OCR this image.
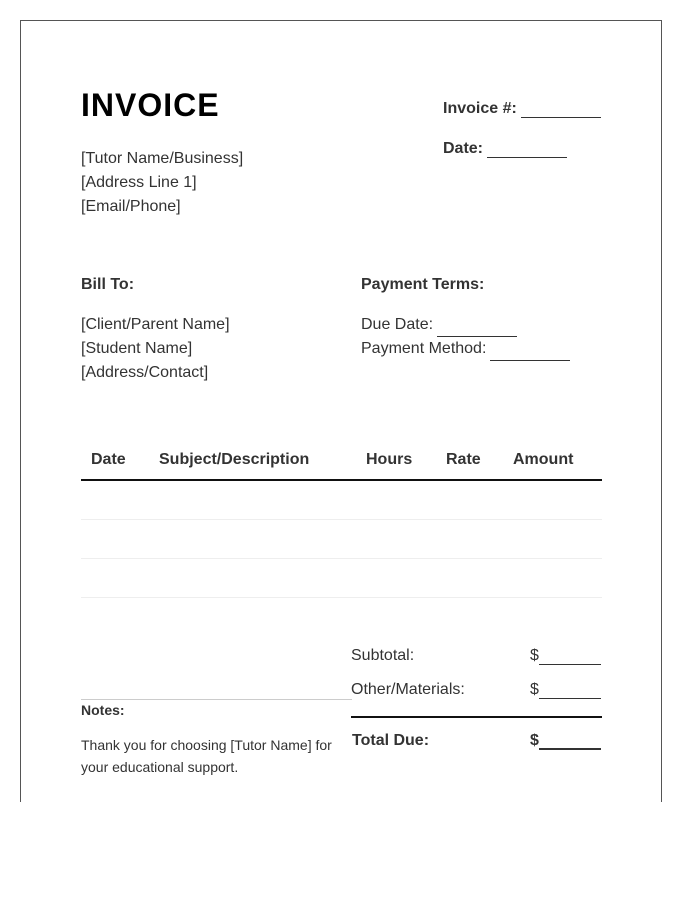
INVOICE
[Tutor Name/Business]
[Address Line 1]
[Email/Phone]
Invoice #:
Date:
Bill To:
[Client/Parent Name]
[Student Name]
[Address/Contact]
Payment Terms:
Due Date:
Payment Method:
Date Subject/Description	Hours Rate Amount
Subtotal:	$
Other/Materials:	$
Total Due:	$
Notes:
Thank you for choosing [Tutor Name] for your educational support.
